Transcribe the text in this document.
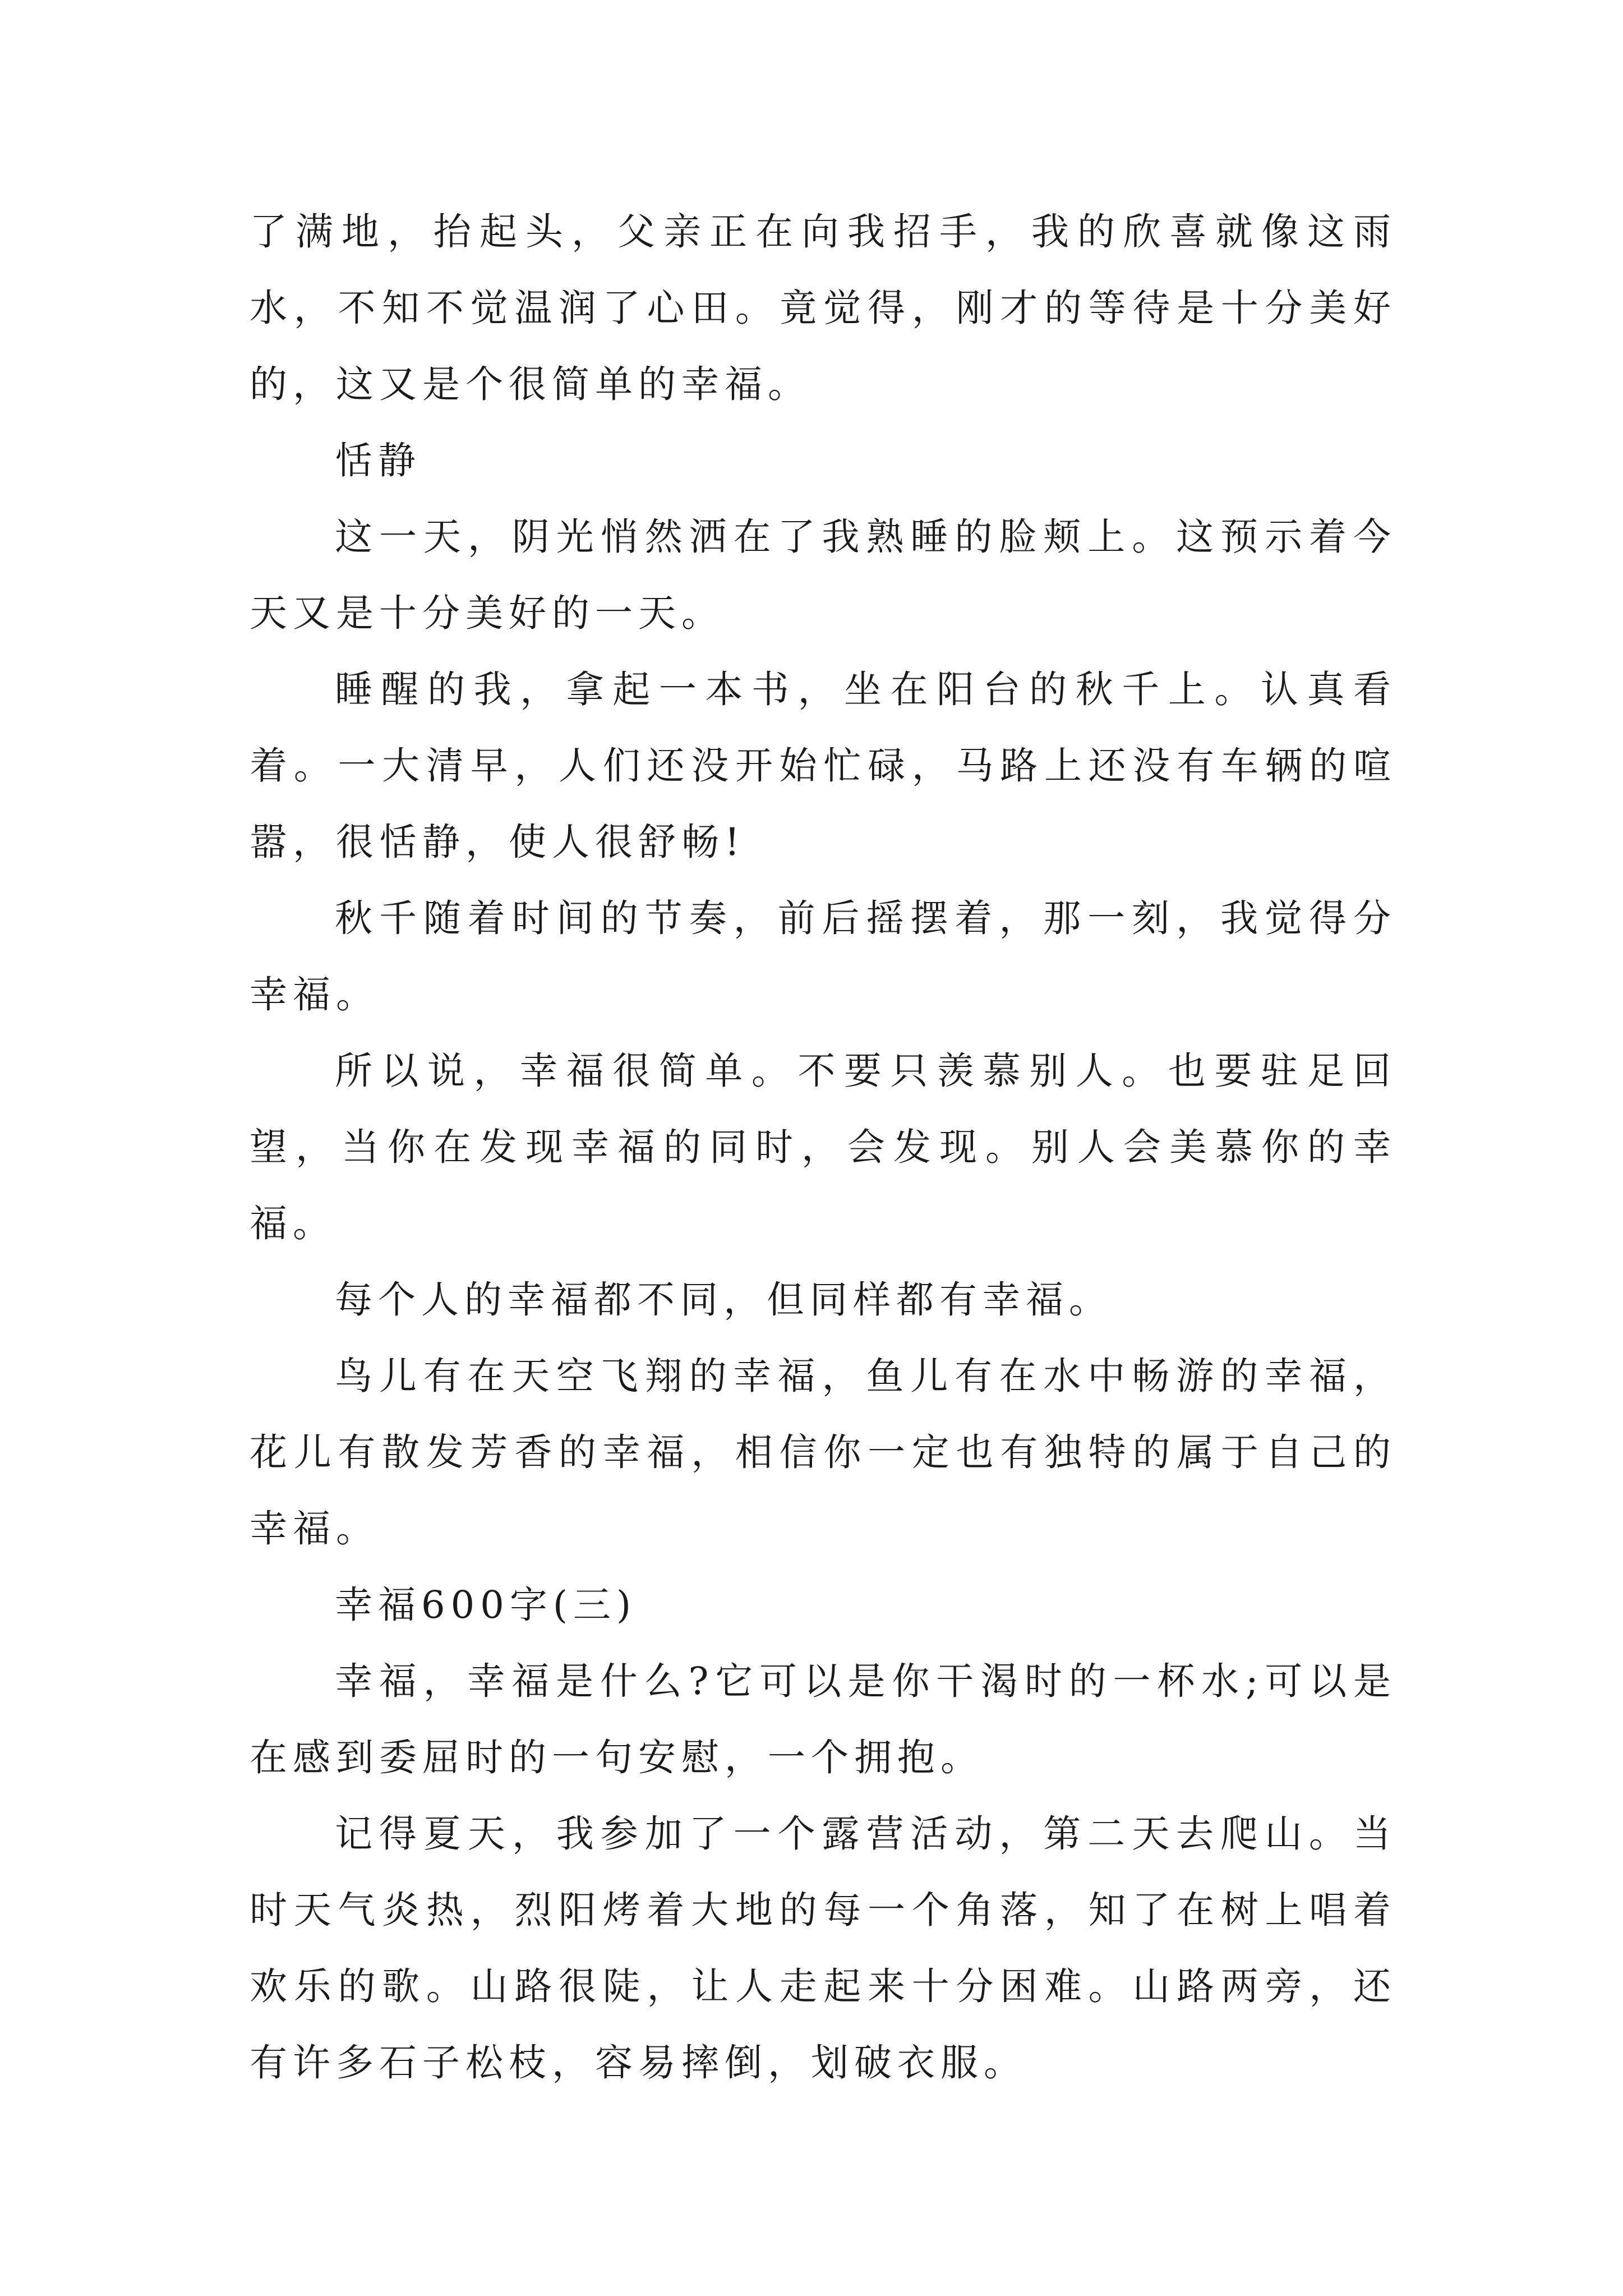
了满地，抬起头，父亲正在向我招手，我的欣喜就像这雨水，不知不觉温润了心田。竟觉得，刚才的等待是十分美好的，这又是个很简单的幸福。

恬静

这一天，阴光悄然洒在了我熟睡的脸颊上。这预示着今天又是十分美好的一天。

睡醒的我，拿起一本书，坐在阳台的秋千上。认真看着。一大清早，人们还没开始忙碌，马路上还没有车辆的喧嚣，很恬静，使人很舒畅!

秋千随着时间的节奏，前后摇摆着，那一刻，我觉得分幸福。

所以说，幸福很简单。不要只羡慕别人。也要驻足回望，当你在发现幸福的同时，会发现。别人会美慕你的幸福。

每个人的幸福都不同，但同样都有幸福。

鸟儿有在天空飞翔的幸福，鱼儿有在水中畅游的幸福，花儿有散发芳香的幸福，相信你一定也有独特的属于自己的幸福。

幸福600字(三)

幸福，幸福是什么?它可以是你干渴时的一杯水;可以是在感到委屈时的一句安慰，一个拥抱。

记得夏天，我参加了一个露营活动，第二天去爬山。当时天气炎热，烈阳烤着大地的每一个角落，知了在树上唱着欢乐的歌。山路很陡，让人走起来十分困难。山路两旁，还有许多石子松枝，容易摔倒，划破衣服。
